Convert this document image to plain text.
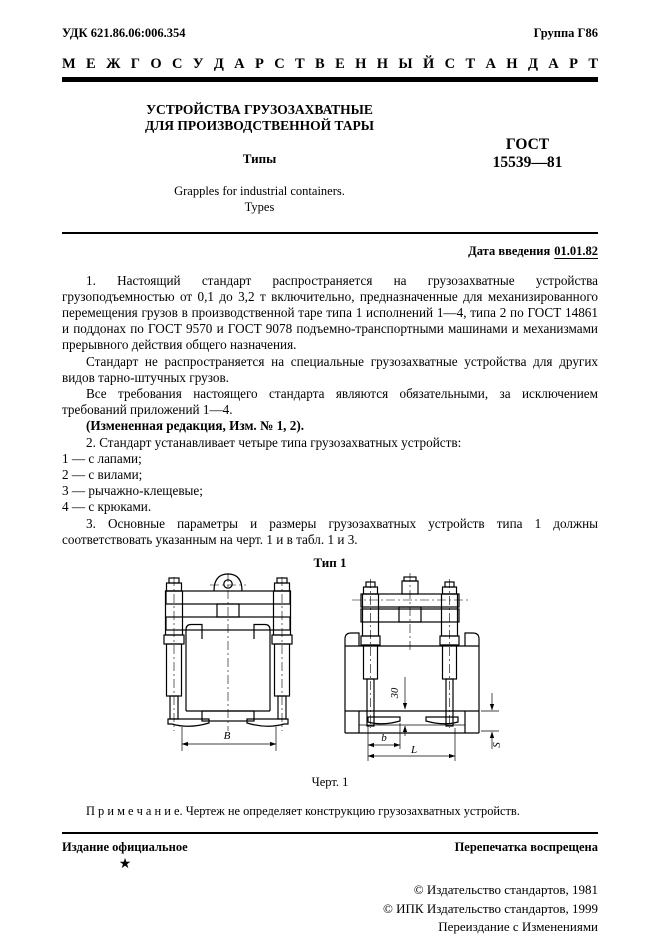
УДК 621.86.06:006.354	Группа Г86
М Е Ж Г О С У Д А Р С Т В Е Н Н Ы Й С Т А Н Д А Р Т
УСТРОЙСТВА ГРУЗОЗАХВАТНЫЕ
ДЛЯ ПРОИЗВОДСТВЕННОЙ ТАРЫ
Типы
Grapples for industrial containers.
Types
ГОСТ
15539—81
Дата введения 01.01.82
1. Настоящий стандарт распространяется на грузозахватные устройства грузоподъемностью от 0,1 до 3,2 т включительно, предназначенные для механизированного перемещения грузов в производственной таре типа 1 исполнений 1—4, типа 2 по ГОСТ 14861 и поддонах по ГОСТ 9570 и ГОСТ 9078 подъемно-транспортными машинами и механизмами прерывного действия общего назначения.
Стандарт не распространяется на специальные грузозахватные устройства для других видов тарно-штучных грузов.
Все требования настоящего стандарта являются обязательными, за исключением требований приложений 1—4.
(Измененная редакция, Изм. № 1, 2).
2. Стандарт устанавливает четыре типа грузозахватных устройств:
1 — с лапами;
2 — с вилами;
3 — рычажно-клещевые;
4 — с крюками.
3. Основные параметры и размеры грузозахватных устройств типа 1 должны соответствовать указанным на черт. 1 и в табл. 1 и 3.
Тип 1
B
30
b
L	S
Черт. 1
П р и м е ч а н и е. Чертеж не определяет конструкцию грузозахватных устройств.
Издание официальное	Перепечатка воспрещена
★
© Издательство стандартов, 1981
© ИПК Издательство стандартов, 1999
Переиздание с Изменениями
